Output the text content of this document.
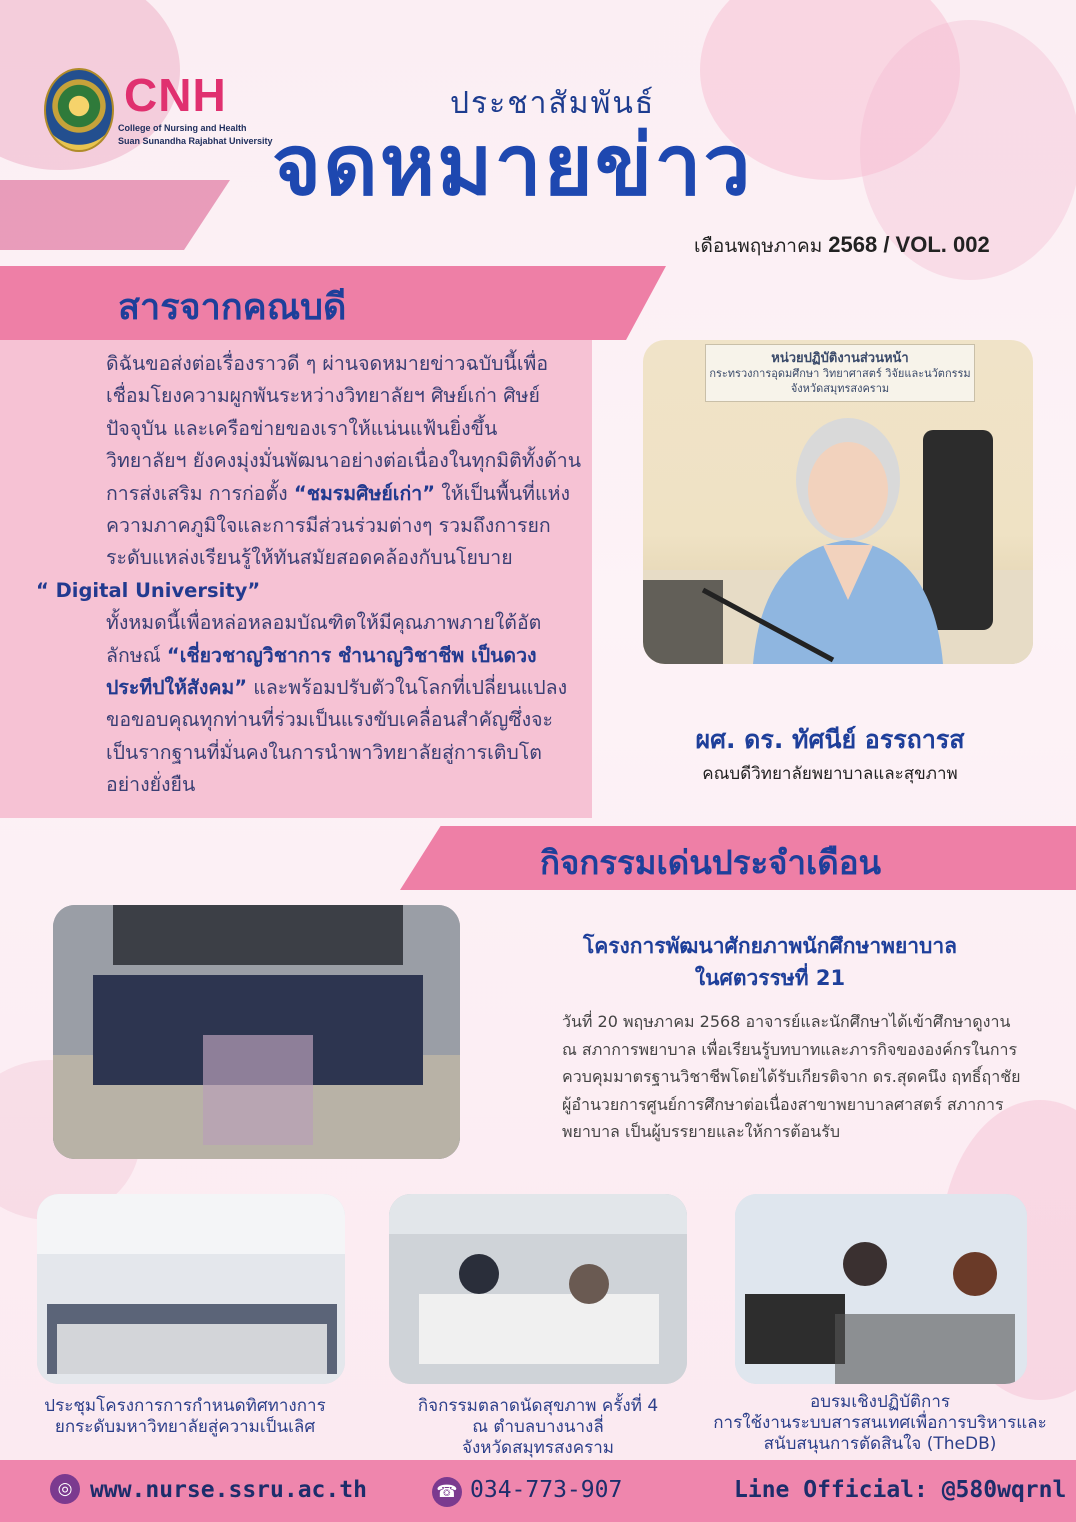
CNH
College of Nursing and Health
Suan Sunandha Rajabhat University
ประชาสัมพันธ์
จดหมายข่าว
เดือนพฤษภาคม 2568 / VOL. 002
สารจากคณบดี

ดิฉันขอส่งต่อเรื่องราวดี ๆ ผ่านจดหมายข่าวฉบับนี้เพื่อเชื่อมโยงความผูกพันระหว่างวิทยาลัยฯ ศิษย์เก่า ศิษย์ปัจจุบัน และเครือข่ายของเราให้แน่นแฟ้นยิ่งขึ้น

วิทยาลัยฯ ยังคงมุ่งมั่นพัฒนาอย่างต่อเนื่องในทุกมิติทั้งด้านการส่งเสริม การก่อตั้ง “ชมรมศิษย์เก่า” ให้เป็นพื้นที่แห่งความภาคภูมิใจและการมีส่วนร่วมต่างๆ รวมถึงการยกระดับแหล่งเรียนรู้ให้ทันสมัยสอดคล้องกับนโยบาย

“ Digital University”

ทั้งหมดนี้เพื่อหล่อหลอมบัณฑิตให้มีคุณภาพภายใต้อัตลักษณ์ “เชี่ยวชาญวิชาการ ชำนาญวิชาชีพ เป็นดวงประทีปให้สังคม” และพร้อมปรับตัวในโลกที่เปลี่ยนแปลง

ขอขอบคุณทุกท่านที่ร่วมเป็นแรงขับเคลื่อนสำคัญซึ่งจะเป็นรากฐานที่มั่นคงในการนำพาวิทยาลัยสู่การเติบโตอย่างยั่งยืน

หน่วยปฏิบัติงานส่วนหน้า
กระทรวงการอุดมศึกษา วิทยาศาสตร์ วิจัยและนวัตกรรม
จังหวัดสมุทรสงคราม
ผศ. ดร. ทัศนีย์ อรรถารส
คณบดีวิทยาลัยพยาบาลและสุขภาพ
กิจกรรมเด่นประจำเดือน
โครงการพัฒนาศักยภาพนักศึกษาพยาบาล
ในศตวรรษที่ 21
วันที่ 20 พฤษภาคม 2568 อาจารย์และนักศึกษาได้เข้าศึกษาดูงาน ณ สภาการพยาบาล เพื่อเรียนรู้บทบาทและภารกิจขององค์กรในการควบคุมมาตรฐานวิชาชีพโดยได้รับเกียรติจาก ดร.สุดคนึง ฤทธิ์ฤาชัย ผู้อำนวยการศูนย์การศึกษาต่อเนื่องสาขาพยาบาลศาสตร์ สภาการพยาบาล เป็นผู้บรรยายและให้การต้อนรับ
ประชุมโครงการการกำหนดทิศทางการ
ยกระดับมหาวิทยาลัยสู่ความเป็นเลิศ
กิจกรรมตลาดนัดสุขภาพ ครั้งที่ 4
ณ ตำบลบางนางลี่
จังหวัดสมุทรสงคราม
อบรมเชิงปฏิบัติการ
การใช้งานระบบสารสนเทศเพื่อการบริหารและ
สนับสนุนการตัดสินใจ (TheDB)
◎ www.nurse.ssru.ac.th	☎ 034-773-907	Line Official: @580wqrnl
